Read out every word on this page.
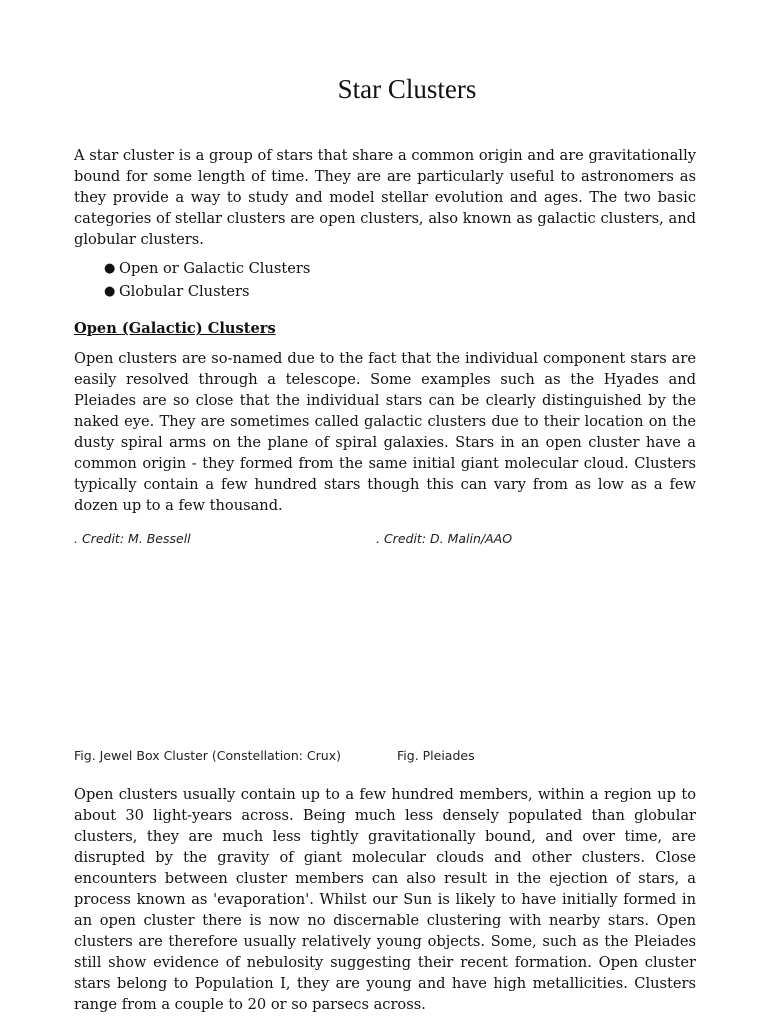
Star Clusters

A star cluster is a group of stars that share a common origin and are gravitationally bound for some length of time. They are are particularly useful to astronomers as they provide a way to study and model stellar evolution and ages. The two basic categories of stellar clusters are open clusters, also known as galactic clusters, and globular clusters.

● Open or Galactic Clusters
● Globular Clusters
Open (Galactic) Clusters

Open clusters are so-named due to the fact that the individual component stars are easily resolved through a telescope. Some examples such as the Hyades and Pleiades are so close that the individual stars can be clearly distinguished by the naked eye. They are sometimes called galactic clusters due to their location on the dusty spiral arms on the plane of spiral galaxies. Stars in an open cluster have a common origin - they formed from the same initial giant molecular cloud. Clusters typically contain a few hundred stars though this can vary from as low as a few dozen up to a few thousand.

. Credit: M. Bessell	. Credit: D. Malin/AAO
Fig. Jewel Box Cluster (Constellation: Crux)	Fig. Pleiades

Open clusters usually contain up to a few hundred members, within a region up to about 30 light-years across. Being much less densely populated than globular clusters, they are much less tightly gravitationally bound, and over time, are disrupted by the gravity of giant molecular clouds and other clusters. Close encounters between cluster members can also result in the ejection of stars, a process known as 'evaporation'. Whilst our Sun is likely to have initially formed in an open cluster there is now no discernable clustering with nearby stars. Open clusters are therefore usually relatively young objects. Some, such as the Pleiades still show evidence of nebulosity suggesting their recent formation. Open cluster stars belong to Population I, they are young and have high metallicities. Clusters range from a couple to 20 or so parsecs across.
